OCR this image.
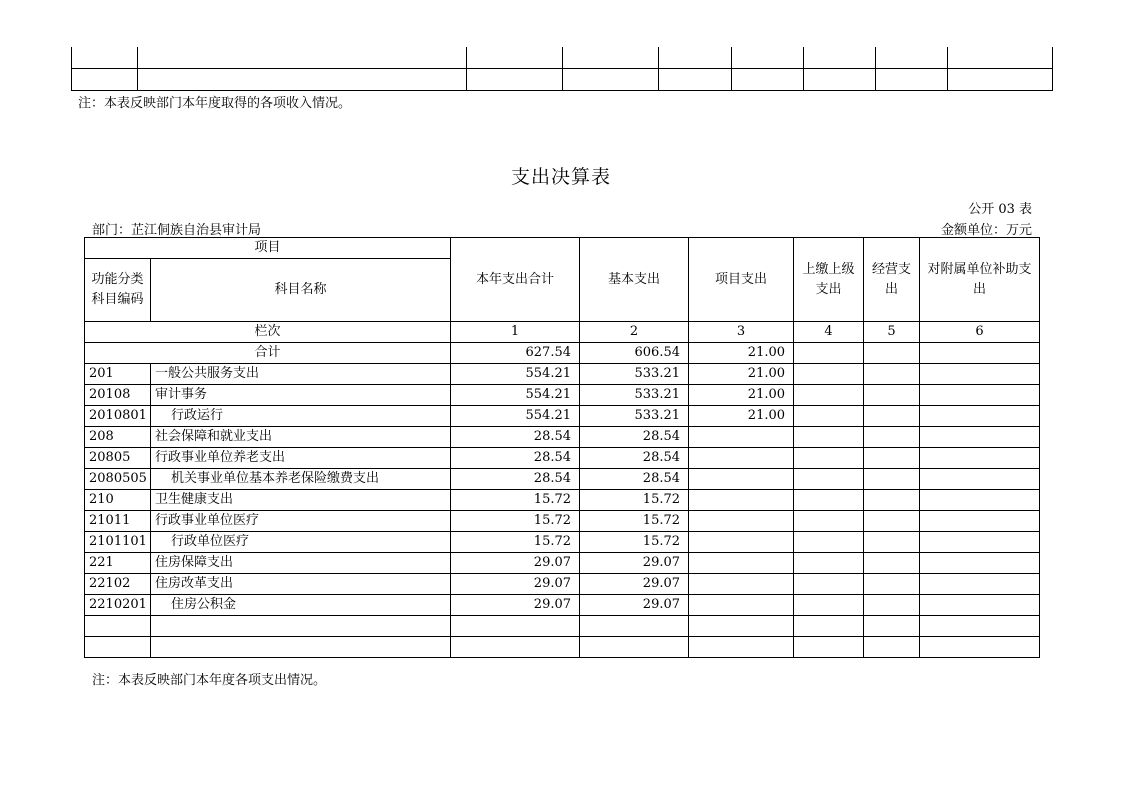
注：本表反映部门本年度取得的各项收入情况。
支出决算表
公开 03 表
部门：芷江侗族自治县审计局	金额单位：万元
项目		本年支出合计	基本支出	项目支出	上缴上级支出	经营支出	对附属单位补助支出
功能分类科目编码	科目名称						
栏次		1	2	3	4	5	6
合计		627.54	606.54	21.00			
201	一般公共服务支出	554.21	533.21	21.00			
20108	审计事务	554.21	533.21	21.00			
2010801	行政运行	554.21	533.21	21.00			
208	社会保障和就业支出	28.54	28.54				
20805	行政事业单位养老支出	28.54	28.54				
2080505	机关事业单位基本养老保险缴费支出	28.54	28.54				
210	卫生健康支出	15.72	15.72				
21011	行政事业单位医疗	15.72	15.72				
2101101	行政单位医疗	15.72	15.72				
221	住房保障支出	29.07	29.07				
22102	住房改革支出	29.07	29.07				
2210201	住房公积金	29.07	29.07				

注：本表反映部门本年度各项支出情况。
